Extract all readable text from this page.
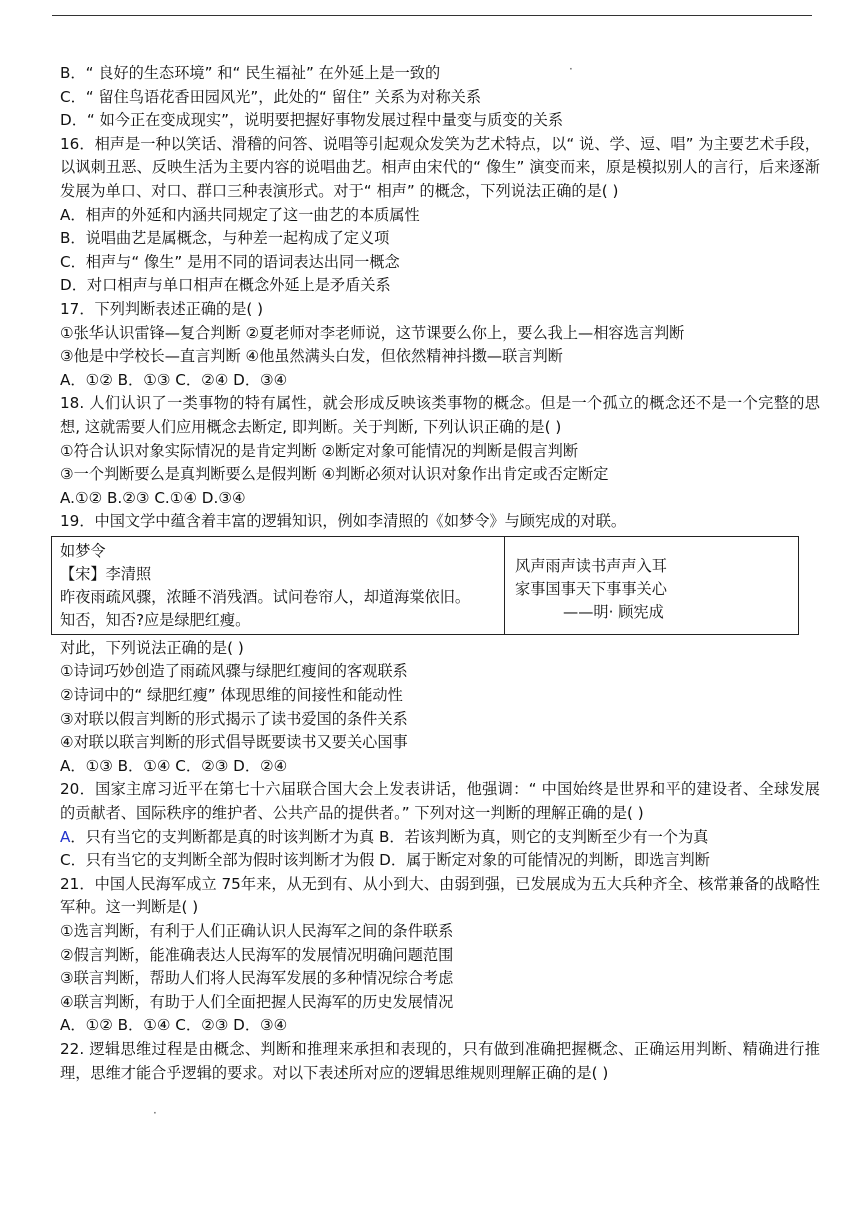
·
B．“ 良好的生态环境” 和“ 民生福祉” 在外延上是一致的
C．“ 留住鸟语花香田园风光”，此处的“ 留住” 关系为对称关系
D．“ 如今正在变成现实”，说明要把握好事物发展过程中量变与质变的关系
16．相声是一种以笑话、滑稽的问答、说唱等引起观众发笑为艺术特点，以“ 说、学、逗、唱” 为主要艺术手段，以讽刺丑恶、反映生活为主要内容的说唱曲艺。相声由宋代的“ 像生” 演变而来，原是模拟别人的言行，后来逐渐发展为单口、对口、群口三种表演形式。对于“ 相声” 的概念，下列说法正确的是( )
A．相声的外延和内涵共同规定了这一曲艺的本质属性
B．说唱曲艺是属概念，与种差一起构成了定义项
C．相声与“ 像生” 是用不同的语词表达出同一概念
D．对口相声与单口相声在概念外延上是矛盾关系
17．下列判断表述正确的是( )
①张华认识雷锋—复合判断 ②夏老师对李老师说，这节课要么你上，要么我上—相容选言判断
③他是中学校长—直言判断 ④他虽然满头白发，但依然精神抖擞—联言判断
A．①② B．①③ C．②④ D．③④
18. 人们认识了一类事物的特有属性，就会形成反映该类事物的概念。但是一个孤立的概念还不是一个完整的思想, 这就需要人们应用概念去断定, 即判断。关于判断, 下列认识正确的是( )
①符合认识对象实际情况的是肯定判断 ②断定对象可能情况的判断是假言判断
③一个判断要么是真判断要么是假判断 ④判断必须对认识对象作出肯定或否定断定
A.①② B.②③ C.①④ D.③④
19．中国文学中蕴含着丰富的逻辑知识，例如李清照的《如梦令》与顾宪成的对联。
如梦令
【宋】李清照
昨夜雨疏风骤，浓睡不消残酒。试问卷帘人，却道海棠依旧。
知否，知否?应是绿肥红瘦。
风声雨声读书声声入耳
家事国事天下事事关心
——明· 顾宪成
对此，下列说法正确的是( )
①诗词巧妙创造了雨疏风骤与绿肥红瘦间的客观联系
②诗词中的“ 绿肥红瘦” 体现思维的间接性和能动性
③对联以假言判断的形式揭示了读书爱国的条件关系
④对联以联言判断的形式倡导既要读书又要关心国事
A．①③ B．①④ C．②③ D．②④
20．国家主席习近平在第七十六届联合国大会上发表讲话，他强调：“ 中国始终是世界和平的建设者、全球发展的贡献者、国际秩序的维护者、公共产品的提供者。” 下列对这一判断的理解正确的是( )
A．只有当它的支判断都是真的时该判断才为真 B．若该判断为真，则它的支判断至少有一个为真
C．只有当它的支判断全部为假时该判断才为假 D．属于断定对象的可能情况的判断，即选言判断
21．中国人民海军成立 75年来，从无到有、从小到大、由弱到强，已发展成为五大兵种齐全、核常兼备的战略性军种。这一判断是( )
①选言判断，有利于人们正确认识人民海军之间的条件联系
②假言判断，能准确表达人民海军的发展情况明确问题范围
③联言判断，帮助人们将人民海军发展的多种情况综合考虑
④联言判断，有助于人们全面把握人民海军的历史发展情况
A．①② B．①④ C．②③ D．③④
22. 逻辑思维过程是由概念、判断和推理来承担和表现的，只有做到准确把握概念、正确运用判断、精确进行推理，思维才能合乎逻辑的要求。对以下表述所对应的逻辑思维规则理解正确的是( )
·
